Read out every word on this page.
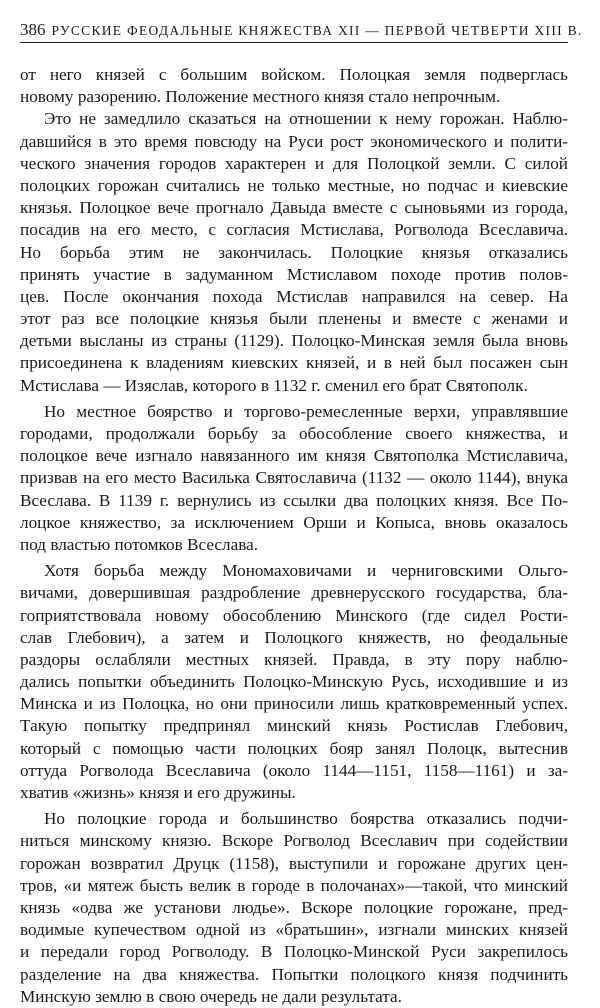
386 РУССКИЕ ФЕОДАЛЬНЫЕ КНЯЖЕСТВА XII — ПЕРВОЙ ЧЕТВЕРТИ XIII В.
от него князей с большим войском. Полоцкая земля подверглась
новому разорению. Положение местного князя стало непрочным.
Это не замедлило сказаться на отношении к нему горожан. Наблю-
давшийся в это время повсюду на Руси рост экономического и полити-
ческого значения городов характерен и для Полоцкой земли. С силой
полоцких горожан считались не только местные, но подчас и киевские
князья. Полоцкое вече прогнало Давыда вместе с сыновьями из города,
посадив на его место, с согласия Мстислава, Рогволода Всеславича.
Но борьба этим не закончилась. Полоцкие князья отказались
принять участие в задуманном Мстиславом походе против полов-
цев. После окончания похода Мстислав направился на север. На
этот раз все полоцкие князья были пленены и вместе с женами и
детьми высланы из страны (1129). Полоцко-Минская земля была вновь
присоединена к владениям киевских князей, и в ней был посажен сын
Мстислава — Изяслав, которого в 1132 г. сменил его брат Святополк.
Но местное боярство и торгово-ремесленные верхи, управлявшие
городами, продолжали борьбу за обособление своего княжества, и
полоцкое вече изгнало навязанного им князя Святополка Мстиславича,
призвав на его место Василька Святославича (1132 — около 1144), внука
Всеслава. В 1139 г. вернулись из ссылки два полоцких князя. Все По-
лоцкое княжество, за исключением Орши и Копыса, вновь оказалось
под властью потомков Всеслава.
Хотя борьба между Мономаховичами и черниговскими Ольго-
вичами, довершившая раздробление древнерусского государства, бла-
гоприятствовала новому обособлению Минского (где сидел Рости-
слав Глебович), а затем и Полоцкого княжеств, но феодальные
раздоры ослабляли местных князей. Правда, в эту пору наблю-
дались попытки объединить Полоцко-Минскую Русь, исходившие и из
Минска и из Полоцка, но они приносили лишь кратковременный успех.
Такую попытку предпринял минский князь Ростислав Глебович,
который с помощью части полоцких бояр занял Полоцк, вытеснив
оттуда Рогволода Всеславича (около 1144—1151, 1158—1161) и за-
хватив «жизнь» князя и его дружины.
Но полоцкие города и большинство боярства отказались подчи-
ниться минскому князю. Вскоре Рогволод Всеславич при содействии
горожан возвратил Друцк (1158), выступили и горожане других цен-
тров, «и мятеж бысть велик в городе в полочанах»—такой, что минский
князь «одва же установи людье». Вскоре полоцкие горожане, пред-
водимые купечеством одной из «братьшин», изгнали минских князей
и передали город Рогволоду. В Полоцко-Минской Руси закрепилось
разделение на два княжества. Попытки полоцкого князя подчинить
Минскую землю в свою очередь не дали результата.
